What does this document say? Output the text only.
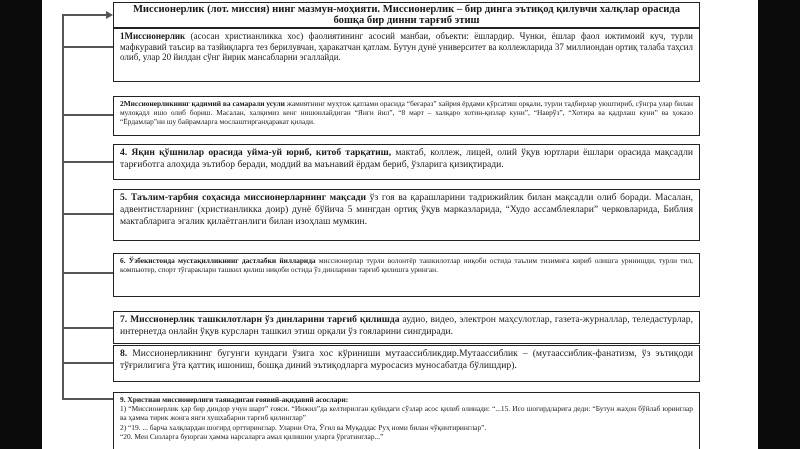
Миссионерлик (лот. миссия) нинг мазмун-моҳияти. Миссионерлик – бир динга эътиқод қилувчи халқлар орасида бошқа бир динни тарғиб этиш
1Миссионерлик (асосан христианликка хос) фаолиятининг асосий манбаи, объекти: ёшлардир. Чунки, ёшлар фаол ижтимоий куч, турли мафкуравий таъсир ва тазйиқларга тез берилувчан, ҳаракатчан қатлам. Бутун дунё университет ва коллежларида 37 миллиондан ортиқ талаба таҳсил олиб, улар 20 йилдан сўнг йирик мансабларни эгаллайди.
2Миссионерликнинг қадимий ва самарали усули жамиятнинг муҳтож қатлами орасида “беғараз” хайрия ёрдами кўрсатиш орқали, турли тадбирлар уюштириб, сўнгра улар билан мулоқадл ишо олиб бориш. Масалан, халқимиз кенг нишонлайдиган “Янги йил”, “8 март – халқаро хотин-қизлар куни”, “Наврўз”, “Хотира ва қадрлаш куни” ва ҳоказо “Ёрдамлар”ни шу байрамларга мослаштирганҳаракат қилади.
4. Яқин қўшнилар орасида уйма-уй юриб, китоб тарқатиш, мактаб, коллеж, лицей, олий ўқув юртлари ёшлари орасида мақсадли тарғиботга алоҳида эътибор беради, моддий ва маънавий ёрдам бериб, ўзларига қизиқтиради.
5. Таълим-тарбия соҳасида миссионерларнинг мақсади ўз гоя ва қарашларини тадрижийлик билан мақсадли олиб боради. Масалан, адвентистларнинг (христианликка доир) дунё бўйича 5 мингдан ортиқ ўқув марказларида, “Худо ассамблеялари” черковларида, Библия мактабларига эгалик қилаётганлиги билан изоҳлаш мумкин.
6. Ўзбекистонда мустақилликнинг дастлабки йилларида миссионерлар турли волонтёр ташкилотлар ниқоби остида таълим тизимига кириб олишга уринишди, турли тил, компьютер, спорт тўгаракларн ташкил қилиш ниқоби остида ўз динларини тарғиб қилишга уринган.
7. Миссионерлик ташкилотларн ўз динларини тарғиб қилишда аудио, видео, электрон маҳсулотлар, газета-журналлар, теледастурлар, интернетда онлайн ўқув курсларн ташкил этиш орқали ўз гояларини сингдиради.
8. Миссионерликнинг бугунги кундаги ўзига хос кўриниши мутаассибликдир.Мутаассиблик – (мутаассиблик-фанатизм, ўз эътиқоди тўғрилигига ўта қаттиқ ишониш, бошқа диний эътиқодларга муросасиз муносабатда бўлишдир).
9. Христиан миссионерлиги таянадиган ғоявий-ақидавий асослари:
1) “Миссионерлик ҳар бир диндор учун шарт” ғояси. “Инжил”да келтирилган қуйидаги сўзлар асос қилиб олинади: “...15. Исо шогирдларига деди: “Бутун жаҳон бўйлаб юринглар ва ҳамма тирик жонга янги хушхабарни тарғиб қилинглар”
2) “19. ... барча халқлардан шогирд орттиринглар. Уларни Ота, Ўғил ва Муқаддас Руҳ номи билан чўқинтиринглар”.
“20. Мен Сизларга буюрган ҳамма нарсаларга амал қилишни уларга ўргатинглар...”
